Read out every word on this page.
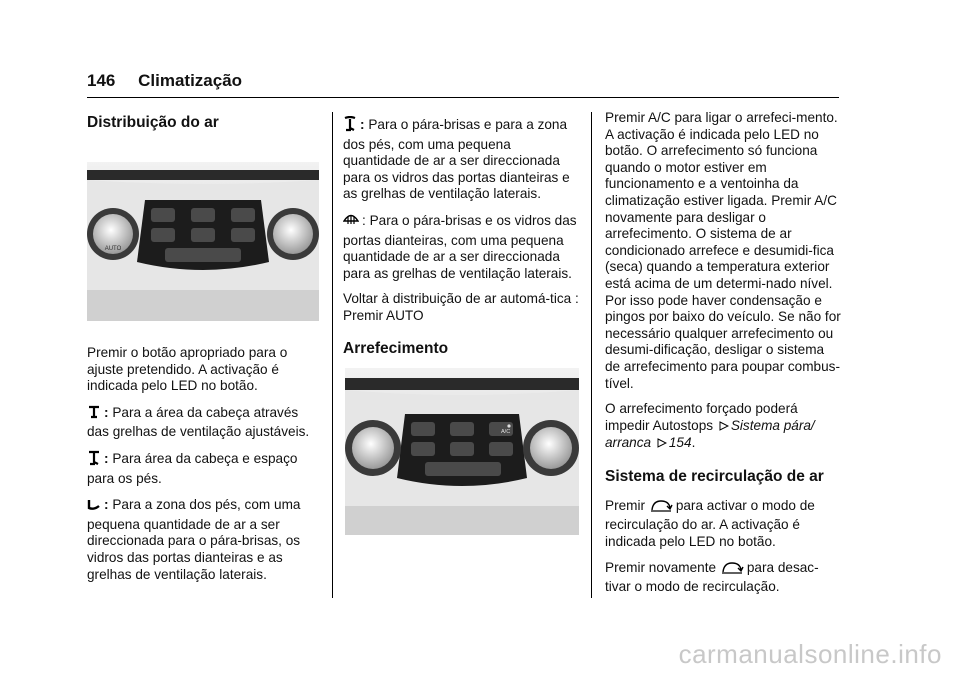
146 Climatização
Distribuição do ar
AUTO

Premir o botão apropriado para o ajuste pretendido. A activação é indicada pelo LED no botão.

: Para a área da cabeça através das grelhas de ventilação ajustáveis.

: Para área da cabeça e espaço para os pés.

: Para a zona dos pés, com uma pequena quantidade de ar a ser direccionada para o pára-brisas, os vidros das portas dianteiras e as grelhas de ventilação laterais.

: Para o pára-brisas e para a zona dos pés, com uma pequena quantidade de ar a ser direccionada para os vidros das portas dianteiras e as grelhas de ventilação laterais.

: Para o pára-brisas e os vidros das portas dianteiras, com uma pequena quantidade de ar a ser direccionada para as grelhas de ventilação laterais.

Voltar à distribuição de ar automá-tica : Premir AUTO

Arrefecimento
A/C

Premir A/C para ligar o arrefeci-mento. A activação é indicada pelo LED no botão. O arrefecimento só funciona quando o motor estiver em funcionamento e a ventoinha da climatização estiver ligada. Premir A/C novamente para desligar o arrefecimento. O sistema de ar condicionado arrefece e desumidi-fica (seca) quando a temperatura exterior está acima de um determi-nado nível. Por isso pode haver condensação e pingos por baixo do veículo. Se não for necessário qualquer arrefecimento ou desumi-dificação, desligar o sistema de arrefecimento para poupar combus-tível.

O arrefecimento forçado poderá impedir Autostops Sistema pára/ arranca 154.

Sistema de recirculação de ar

Premir para activar o modo de recirculação do ar. A activação é indicada pelo LED no botão.

Premir novamente para desac-tivar o modo de recirculação.

carmanualsonline.info
